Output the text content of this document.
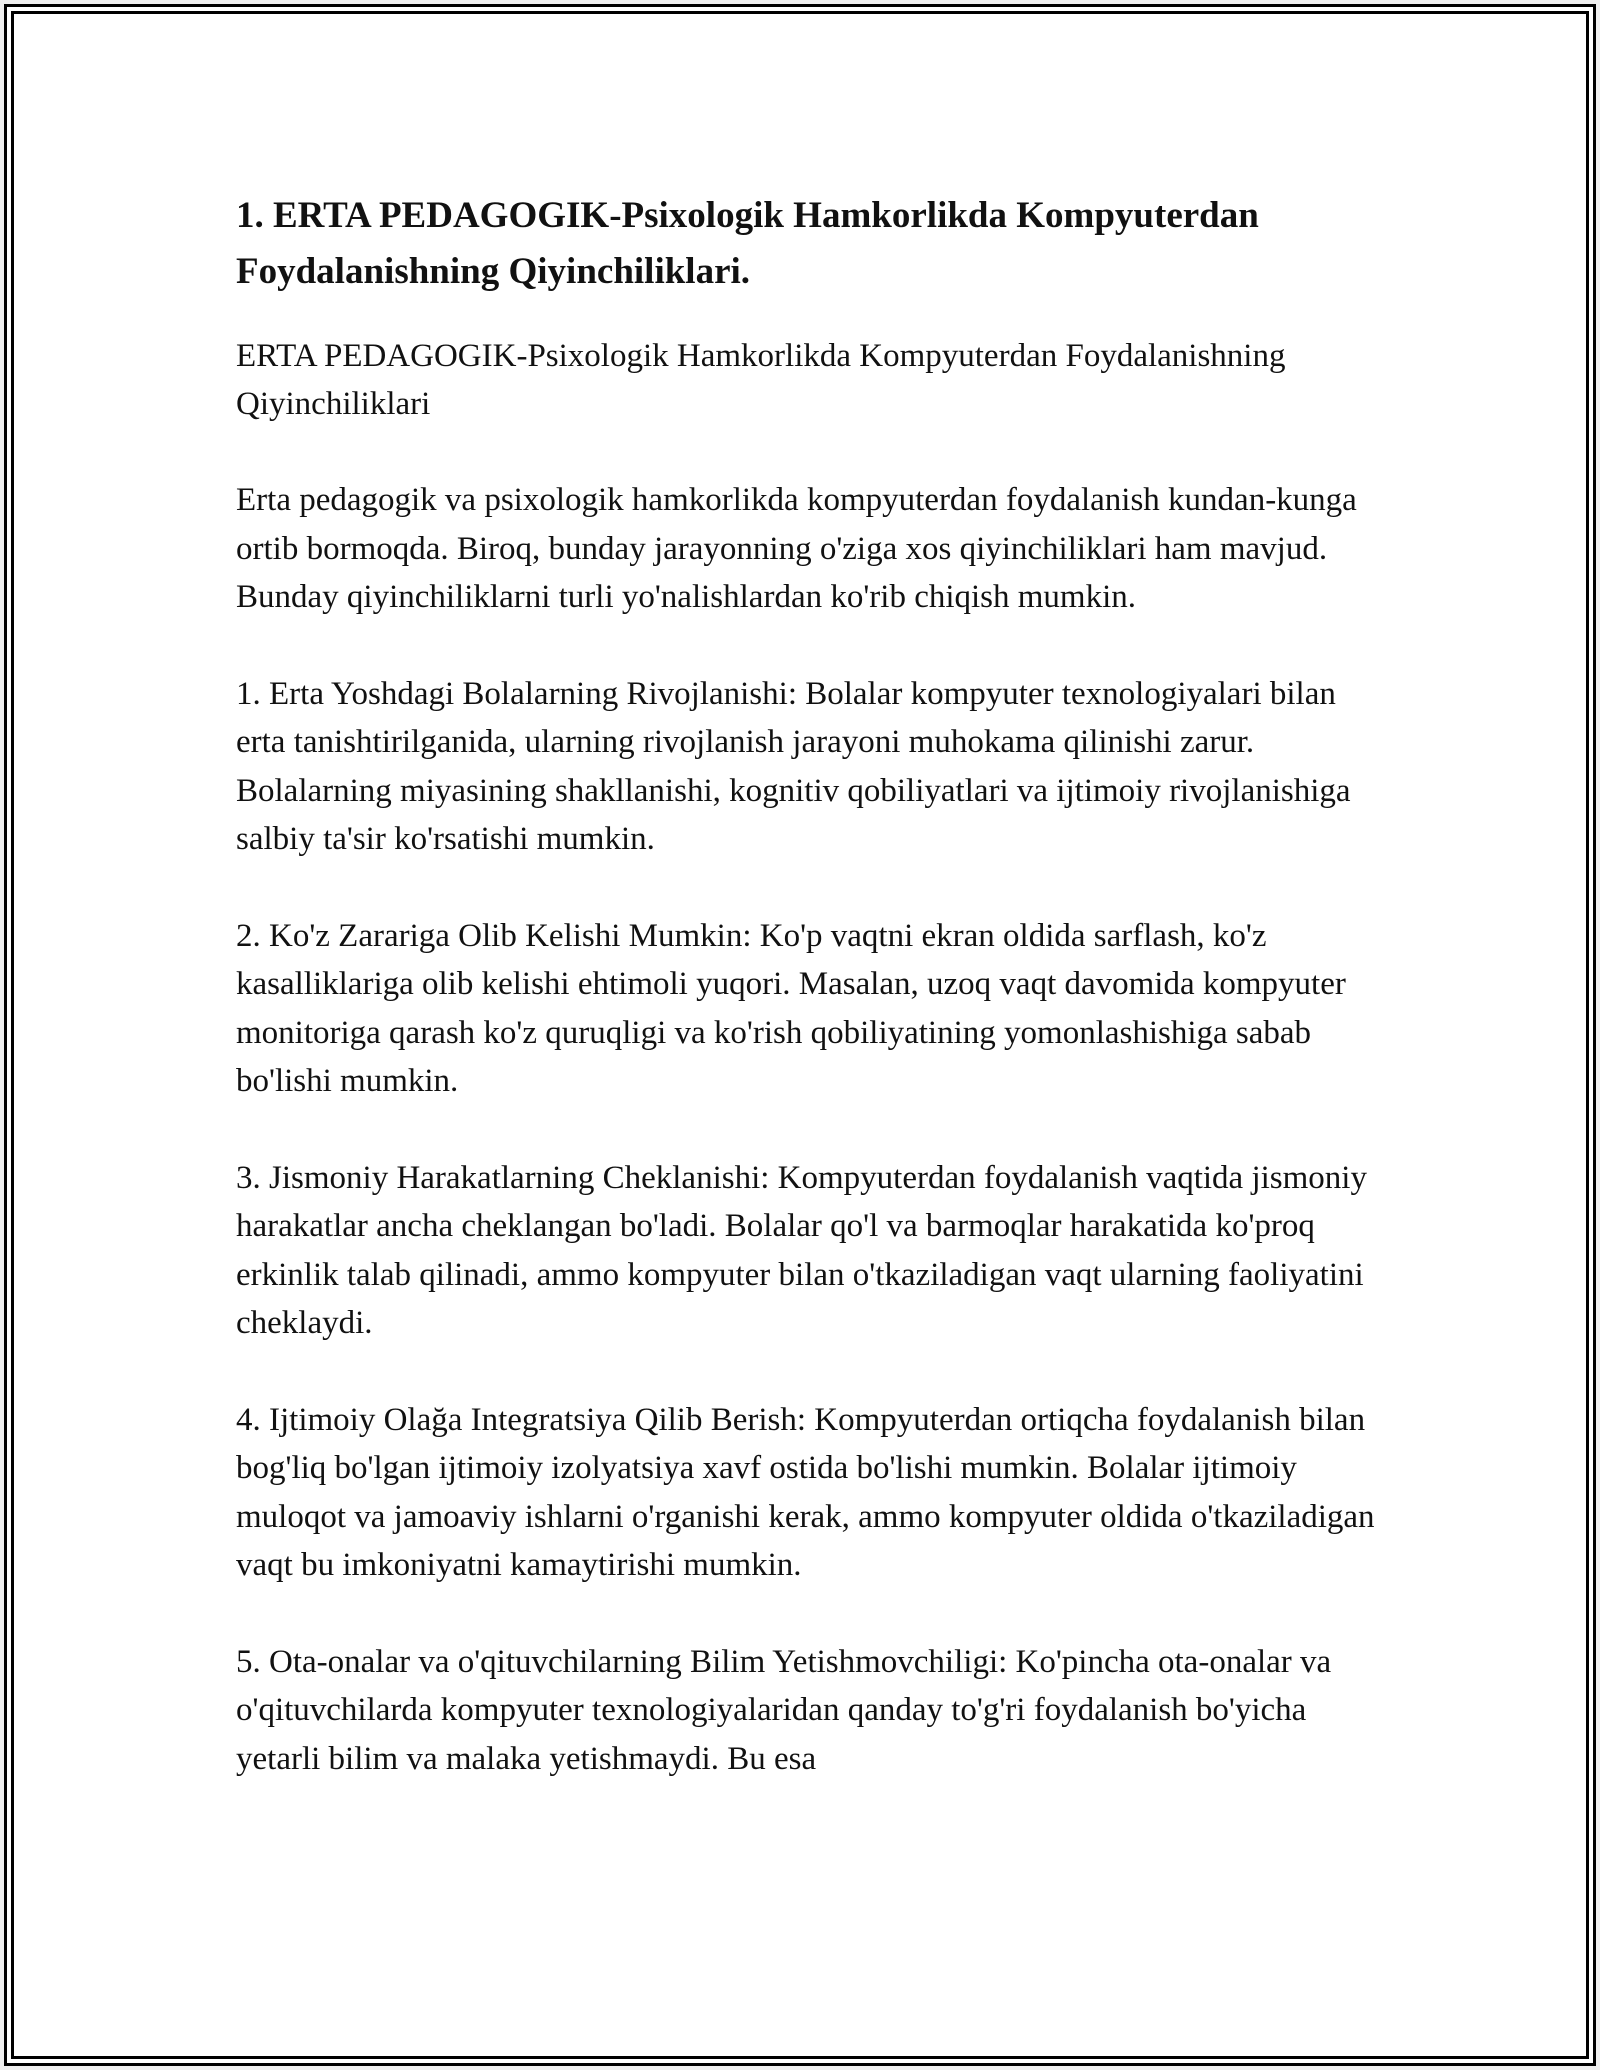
1. ERTA PEDAGOGIK-Psixologik Hamkorlikda Kompyuterdan Foydalanishning Qiyinchiliklari.
ERTA PEDAGOGIK-Psixologik Hamkorlikda Kompyuterdan Foydalanishning Qiyinchiliklari
Erta pedagogik va psixologik hamkorlikda kompyuterdan foydalanish kundan-kunga ortib bormoqda. Biroq, bunday jarayonning o'ziga xos qiyinchiliklari ham mavjud. Bunday qiyinchiliklarni turli yo'nalishlardan ko'rib chiqish mumkin.
1. Erta Yoshdagi Bolalarning Rivojlanishi: Bolalar kompyuter texnologiyalari bilan erta tanishtirilganida, ularning rivojlanish jarayoni muhokama qilinishi zarur. Bolalarning miyasining shakllanishi, kognitiv qobiliyatlari va ijtimoiy rivojlanishiga salbiy ta'sir ko'rsatishi mumkin.
2. Ko'z Zarariga Olib Kelishi Mumkin: Ko'p vaqtni ekran oldida sarflash, ko'z kasalliklariga olib kelishi ehtimoli yuqori. Masalan, uzoq vaqt davomida kompyuter monitoriga qarash ko'z quruqligi va ko'rish qobiliyatining yomonlashishiga sabab bo'lishi mumkin.
3. Jismoniy Harakatlarning Cheklanishi: Kompyuterdan foydalanish vaqtida jismoniy harakatlar ancha cheklangan bo'ladi. Bolalar qo'l va barmoqlar harakatida ko'proq erkinlik talab qilinadi, ammo kompyuter bilan o'tkaziladigan vaqt ularning faoliyatini cheklaydi.
4. Ijtimoiy Olağa Integratsiya Qilib Berish: Kompyuterdan ortiqcha foydalanish bilan bog'liq bo'lgan ijtimoiy izolyatsiya xavf ostida bo'lishi mumkin. Bolalar ijtimoiy muloqot va jamoaviy ishlarni o'rganishi kerak, ammo kompyuter oldida o'tkaziladigan vaqt bu imkoniyatni kamaytirishi mumkin.
5. Ota-onalar va o'qituvchilarning Bilim Yetishmovchiligi: Ko'pincha ota-onalar va o'qituvchilarda kompyuter texnologiyalaridan qanday to'g'ri foydalanish bo'yicha yetarli bilim va malaka yetishmaydi. Bu esa
